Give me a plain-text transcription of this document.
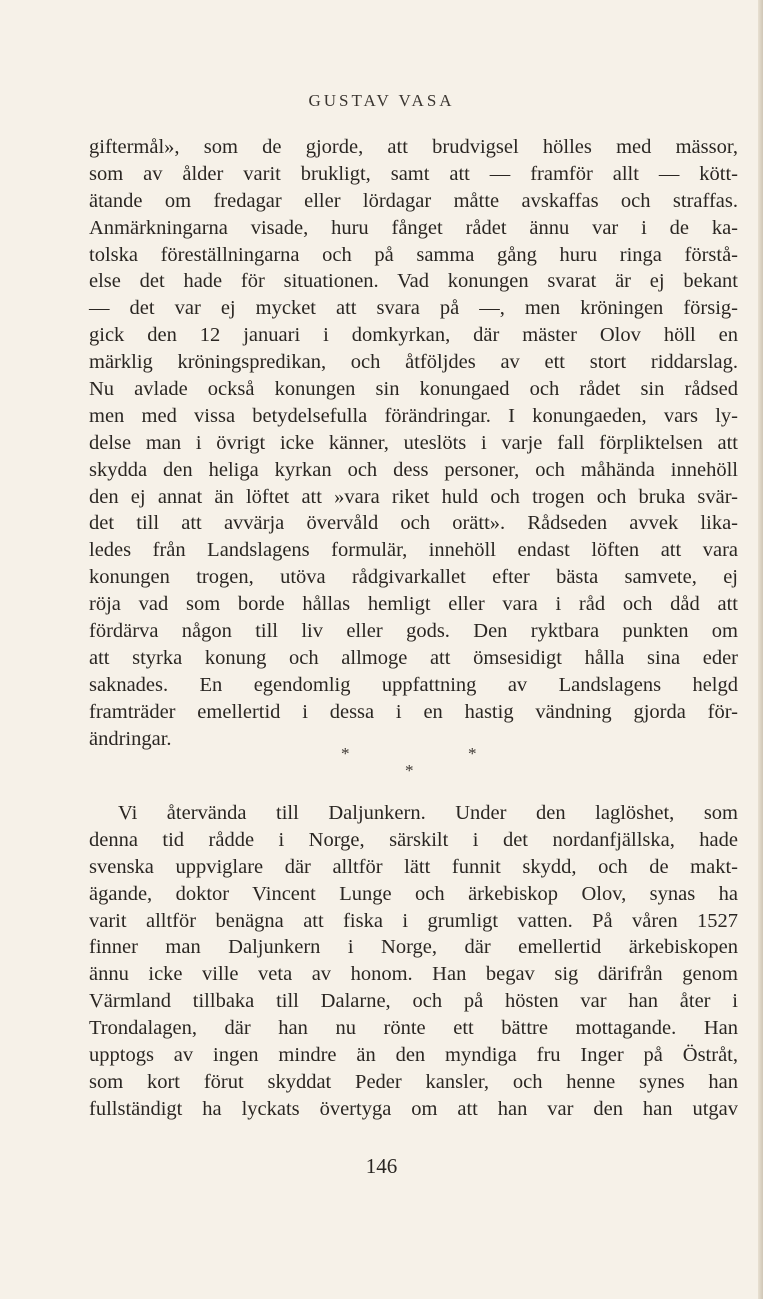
GUSTAV VASA
giftermål», som de gjorde, att brudvigsel hölles med mässor,
som av ålder varit brukligt, samt att — framför allt — kött-
ätande om fredagar eller lördagar måtte avskaffas och straffas.
Anmärkningarna visade, huru fånget rådet ännu var i de ka-
tolska föreställningarna och på samma gång huru ringa förstå-
else det hade för situationen. Vad konungen svarat är ej bekant
— det var ej mycket att svara på —, men kröningen försig-
gick den 12 januari i domkyrkan, där mäster Olov höll en
märklig kröningspredikan, och åtföljdes av ett stort riddarslag.
Nu avlade också konungen sin konungaed och rådet sin rådsed
men med vissa betydelsefulla förändringar. I konungaeden, vars ly-
delse man i övrigt icke känner, uteslöts i varje fall förpliktelsen att
skydda den heliga kyrkan och dess personer, och måhända innehöll
den ej annat än löftet att »vara riket huld och trogen och bruka svär-
det till att avvärja övervåld och orätt». Rådseden avvek lika-
ledes från Landslagens formulär, innehöll endast löften att vara
konungen trogen, utöva rådgivarkallet efter bästa samvete, ej
röja vad som borde hållas hemligt eller vara i råd och dåd att
fördärva någon till liv eller gods. Den ryktbara punkten om
att styrka konung och allmoge att ömsesidigt hålla sina eder
saknades. En egendomlig uppfattning av Landslagens helgd
framträder emellertid i dessa i en hastig vändning gjorda för-
ändringar.
*	*
*
Vi återvända till Daljunkern. Under den laglöshet, som
denna tid rådde i Norge, särskilt i det nordanfjällska, hade
svenska uppviglare där alltför lätt funnit skydd, och de makt-
ägande, doktor Vincent Lunge och ärkebiskop Olov, synas ha
varit alltför benägna att fiska i grumligt vatten. På våren 1527
finner man Daljunkern i Norge, där emellertid ärkebiskopen
ännu icke ville veta av honom. Han begav sig därifrån genom
Värmland tillbaka till Dalarne, och på hösten var han åter i
Trondalagen, där han nu rönte ett bättre mottagande. Han
upptogs av ingen mindre än den myndiga fru Inger på Östråt,
som kort förut skyddat Peder kansler, och henne synes han
fullständigt ha lyckats övertyga om att han var den han utgav
146
